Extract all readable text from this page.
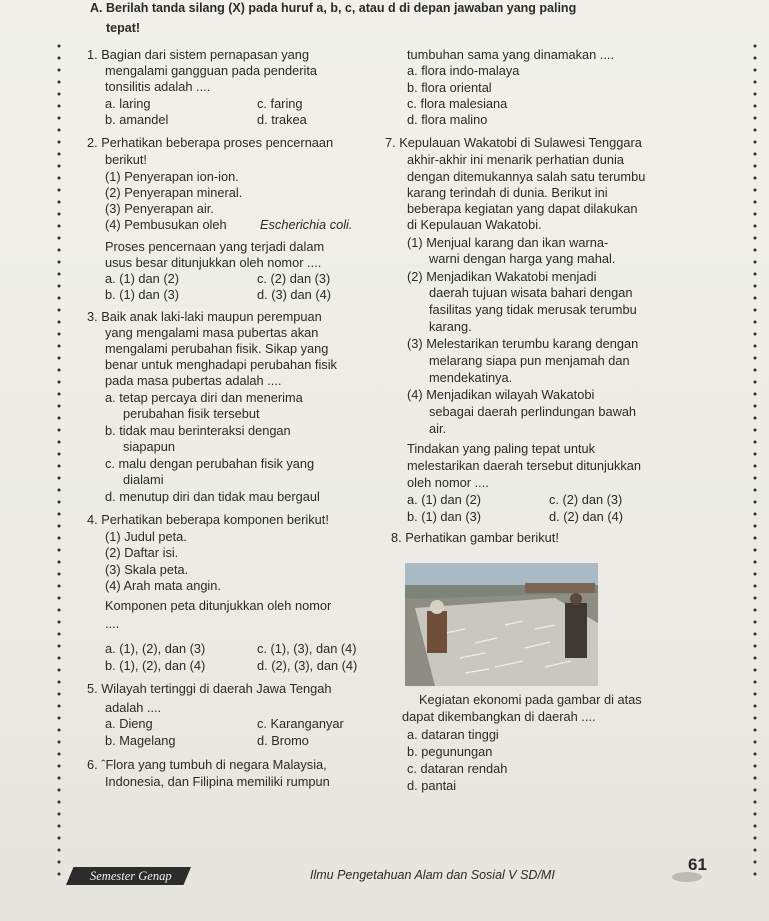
A. Berilah tanda silang (X) pada huruf a, b, c, atau d di depan jawaban yang paling
tepat!
1. Bagian dari sistem pernapasan yang
mengalami gangguan pada penderita
tonsilitis adalah ....
a. laring	c. faring
b. amandel	d. trakea
2. Perhatikan beberapa proses pencernaan
berikut!
(1) Penyerapan ion-ion.
(2) Penyerapan mineral.
(3) Penyerapan air.
(4) Pembusukan oleh
Proses pencernaan yang terjadi dalam
usus besar ditunjukkan oleh nomor ....
a. (1) dan (2)	c. (2) dan (3)
b. (1) dan (3)	d. (3) dan (4)
3. Baik anak laki-laki maupun perempuan
yang mengalami masa pubertas akan
mengalami perubahan fisik. Sikap yang
benar untuk menghadapi perubahan fisik
pada masa pubertas adalah ....
a. tetap percaya diri dan menerima
perubahan fisik tersebut
b. tidak mau berinteraksi dengan
siapapun
c. malu dengan perubahan fisik yang
dialami
d. menutup diri dan tidak mau bergaul
4. Perhatikan beberapa komponen berikut!
(1) Judul peta.
(2) Daftar isi.
(3) Skala peta.
(4) Arah mata angin.
Komponen peta ditunjukkan oleh nomor
....
a. (1), (2), dan (3)	c. (1), (3), dan (4)
b. (1), (2), dan (4)	d. (2), (3), dan (4)
5. Wilayah tertinggi di daerah Jawa Tengah
adalah ....
a. Dieng	c. Karanganyar
b. Magelang	d. Bromo
6. ˆFlora yang tumbuh di negara Malaysia,
Indonesia, dan Filipina memiliki rumpun
Escherichia coli.
tumbuhan sama yang dinamakan ....
a. flora indo-malaya
b. flora oriental
c. flora malesiana
d. flora malino
7. Kepulauan Wakatobi di Sulawesi Tenggara
akhir-akhir ini menarik perhatian dunia
dengan ditemukannya salah satu terumbu
karang terindah di dunia. Berikut ini
beberapa kegiatan yang dapat dilakukan
di Kepulauan Wakatobi.
(1) Menjual karang dan ikan warna-
warni dengan harga yang mahal.
(2) Menjadikan Wakatobi menjadi
daerah tujuan wisata bahari dengan
fasilitas yang tidak merusak terumbu
karang.
(3) Melestarikan terumbu karang dengan
melarang siapa pun menjamah dan
mendekatinya.
(4) Menjadikan wilayah Wakatobi
sebagai daerah perlindungan bawah
air.
Tindakan yang paling tepat untuk
melestarikan daerah tersebut ditunjukkan
oleh nomor ....
a. (1) dan (2)	c. (2) dan (3)
b. (1) dan (3)	d. (2) dan (4)
8. Perhatikan gambar berikut!
Kegiatan ekonomi pada gambar di atas
dapat dikembangkan di daerah ....
a. dataran tinggi
b. pegunungan
c. dataran rendah
d. pantai
Semester Genap	Ilmu Pengetahuan Alam dan Sosial V SD/MI
61
